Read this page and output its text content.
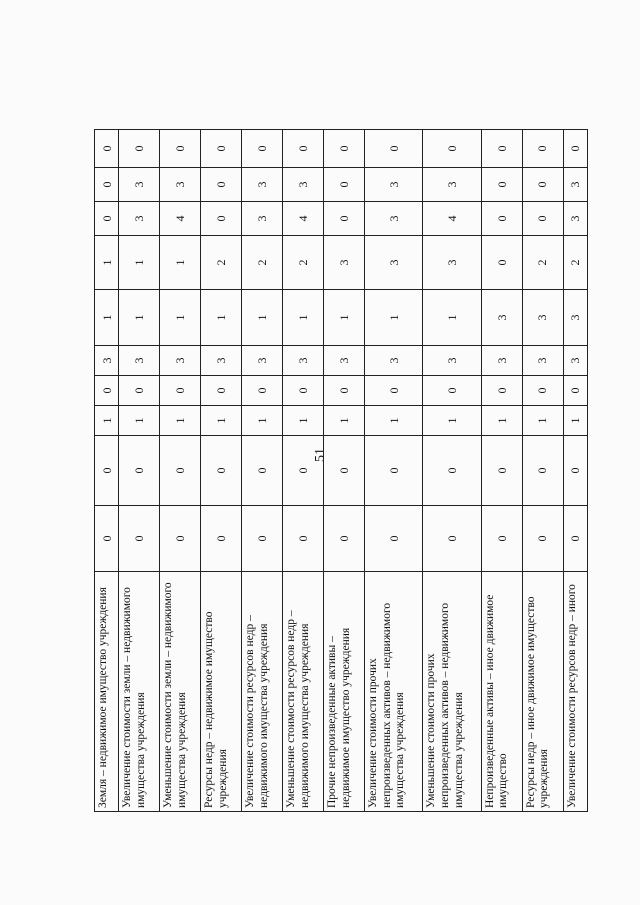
51
Земля – недвижимое имущество учреждения	0	0	1	0	3	1	1	0	0	0
Увеличение стоимости земли – недвижимого имущества учреждения	0	0	1	0	3	1	1	3	3	0
Уменьшение стоимости земли – недвижимого имущества учреждения	0	0	1	0	3	1	1	4	3	0
Ресурсы недр – недвижимое имущество учреждения	0	0	1	0	3	1	2	0	0	0
Увеличение стоимости ресурсов недр – недвижимого имущества учреждения	0	0	1	0	3	1	2	3	3	0
Уменьшение стоимости ресурсов недр – недвижимого имущества учреждения	0	0	1	0	3	1	2	4	3	0
Прочие непроизведенные активы – недвижимое имущество учреждения	0	0	1	0	3	1	3	0	0	0
Увеличение стоимости прочих непроизведенных активов – недвижимого имущества учреждения	0	0	1	0	3	1	3	3	3	0
Уменьшение стоимости прочих непроизведенных активов – недвижимого имущества учреждения	0	0	1	0	3	1	3	4	3	0
Непроизведенные активы – иное движимое имущество	0	0	1	0	3	3	0	0	0	0
Ресурсы недр – иное движимое имущество учреждения	0	0	1	0	3	3	2	0	0	0
Увеличение стоимости ресурсов недр – иного	0	0	1	0	3	3	2	3	3	0
